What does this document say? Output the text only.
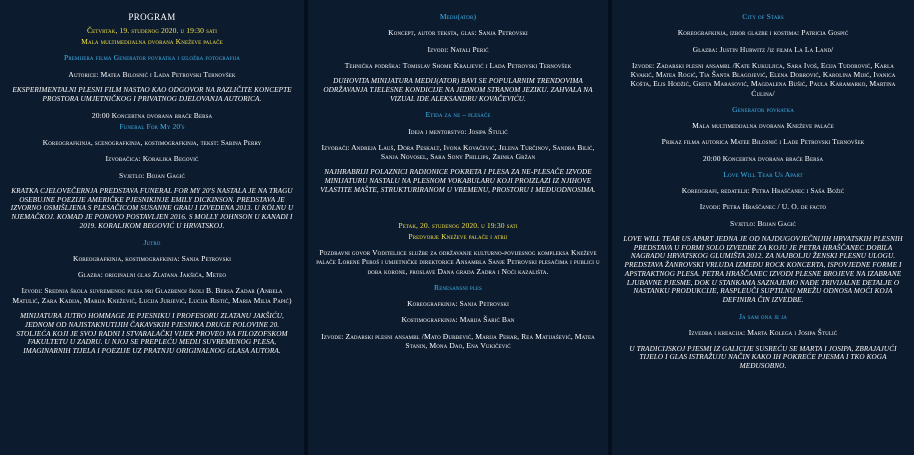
PROGRAM

Četvrtak, 19. studenog 2020. u 19:30 sati

Mala multimedijalna dvorana Kneževe palače

Premijera filma Generator povratka i izložba fotografija

Autorice: Matea Bilosnić i Lada Petrovski Ternovšek

EKSPERIMENTALNI PLESNI FILM NASTAO KAO ODGOVOR NA RAZLIČITE KONCEPTE PROSTORA UMJETNIČKOG I PRIVATNOG DJELOVANJA AUTORICA.

20:00 Koncertna dvorana braće Bersa

Funeral For My 20's

Koreografkinja, scenografkinja, kostimografkinja, tekst: Sabina Perry

Izvođačica: Koraljka Begović

Svjetlo: Bojan Gagić

KRATKA CJELOVEČERNJA PREDSTAVA FUNERAL FOR MY 20'S NASTALA JE NA TRAGU OSEBUJNE POEZIJE AMERIČKE PJESNIKINJE EMILY DICKINSON. PREDSTAVA JE IZVORNO OSMIŠLJENA S PLESAČICOM SUSANNE GRAU I IZVEDENA 2013. U KÖLNU U NJEMAČKOJ. KOMAD JE PONOVO POSTAVLJEN 2016. S MOLLY JOHNSON U KANADI I 2019. KORALJKOM BEGOVIĆ U HRVATSKOJ.

Jutro

Koreografkinja, kostimografkinja: Sanja Petrovski

Glazba: originalni glas Zlatana Jakšića, Meteo

Izvodi: Srednja škola suvremenog plesa pri Glazbenoj školi B. Bersa Zadar (Anđela Matulić, Zara Kadija, Marija Knežević, Lucija Jurjević, Lucija Ristić, Maria Milia Papić)

MINIJATURA JUTRO HOMMAGE JE PJESNIKU I PROFESORU ZLATANU JAKŠIĆU, JEDNOM OD NAJISTAKNUTIJIH ČAKAVSKIH PJESNIKA DRUGE POLOVINE 20. STOLJEĆA KOJI JE SVOJ RADNI I STVARALAČKI VIJEK PROVEO NA FILOZOFSKOM FAKULTETU U ZADRU. U NJOJ SE PREPLEĆU MEDIJ SUVREMENOG PLESA, IMAGINARNIH TIJELA I POEZIJE UZ PRATNJU ORIGINALNOG GLASA AUTORA.

Medij(ator)

Koncept, autor teksta, glas: Sanja Petrovski

Izvodi: Natali Perić

Tehnička podrška: Tomislav Shome Kraljević i Lada Petrovski Ternovšek

DUHOVITA MINIJATURA MEDIJ(ATOR) BAVI SE POPULARNIM TRENDOVIMA ODRŽAVANJA TJELESNE KONDICIJE NA JEDNOM STRANOM JEZIKU. ZAHVALA NA VIZUAL IDE ALEKSANDRU KOVAČEVIĆU.

Etida za ne – plesače

Ideja i mentorstvo: Josipa Štulić

Izvođači: Andreja Lauš, Dora Peskalt, Ivona Kovačević, Jelena Turčinov, Sandra Bilić, Sanja Novosel, Sara Sony Phillips, Zrinka Gržan

NAJHRABRIJI POLAZNICI RADIONICE POKRETA I PLESA ZA NE-PLESAČE IZVODE MINIJATURU NASTALU NA PLESNOM VOKABULARU KOJI PROIZLAZI IZ NJIHOVE VLASTITE MAŠTE, STRUKTURIRANOM U VREMENU, PROSTORU I MEĐUODNOSIMA.

Petak, 20. studenog 2020. u 19:30 sati

Predvorje Kneževe palače i atrij

Pozdravni govor Voditeljice službe za održavanje kulturno-povijesnog kompleksa Kneževe palače Lorene Peroš i umjetničke direktorice Ansambla Sanje Petrovski plesačima i publici u doba korone, proslave Dana grada Zadra i Noći kazališta.

Renesansni ples

Koreografkinja: Sanja Petrovski

Kostimografkinja: Marija Šarić Ban

Izvode: Zadarski plesni ansambl /Mato Đurđević, Marija Pehar, Rea Matijašević, Matea Stanin, Mona Dao, Ena Vukičević

City of Stars

Koreografkinja, izbor glazbe i kostima: Patricia Gospić

Glazba: Justin Hurwitz /iz filma La La Land/

Izvode: Zadarski plesni ansambl /Kate Kukuljica, Sara Ivoš, Ecija Tudorović, Karla Kvakić, Matea Rogić, Tia Šanta Blagojević, Elena Dobrović, Karolina Mijić, Ivanica Košta, Elis Hodžić, Greta Marasović, Magdalena Bušić, Paula Karamarko, Martina Ćulina/

Generator povratka

Mala multimedijalna dvorana Kneževe palače

Prikaz filma autorica Matee Bilosnić i Lade Petrovski Ternovšek

20:00 Koncertna dvorana braće Bersa

Love Will Tear Us Apart

Koreografi, redatelji: Petra Hraščanec i Saša Božić

Izvodi: Petra Hraščanec / U. O. de facto

Svjetlo: Bojan Gagić

LOVE WILL TEAR US APART JEDNA JE OD NAJDUGOVJEČNIJIH HRVATSKIH PLESNIH PREDSTAVA U FORMI SOLO IZVEDBE ZA KOJU JE PETRA HRAŠČANEC DOBILA NAGRADU HRVATSKOG GLUMIŠTA 2012. ZA NAJBOLJU ŽENSKI PLESNU ULOGU. PREDSTAVA ŽANROVSKI VRLUDA IZMEĐU ROCK KONCERTA, ISPOVJEDNE FORME I APSTRAKTNOG PLESA. PETRA HRAŠČANEC IZVODI PLESNE BROJEVE NA IZABRANE LJUBAVNE PJESME, DOK U STANKAMA SAZNAJEMO NAĐE TRIVIJALNE DETALJE O NASTANKU PRODUKCIJE, RASPLEUČI SUPTILNU MREŽU ODNOSA MOĆI KOJA DEFINIRA ČIN IZVEDBE.

Ja sam ona je ja

Izvedba i kreacija: Marta Kolega i Josipa Štulić

U TRADICIJSKOJ PJESMI IZ GALICIJE SUSREĆU SE MARTA I JOSIPA, ZBRAJAJUĆI TIJELO I GLAS ISTRAŽUJU NAČIN KAKO IH POKREĆE PJESMA I TKO KOGA MEĐUSOBNO.
